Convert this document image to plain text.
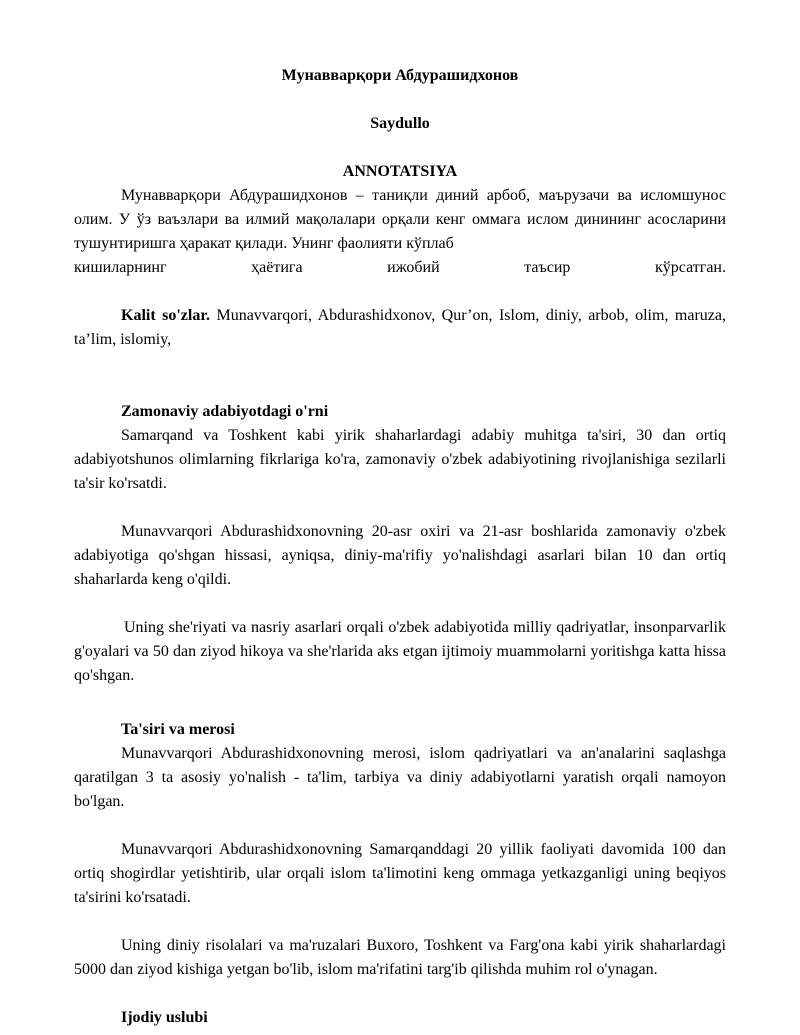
Мунавварқори Абдурашидхонов

Saydullo

ANNOTATSIYA

Мунавварқори Абдурашидхонов – таниқли диний арбоб, маърузачи ва исломшунос олим. У ўз ваъзлари ва илмий мақолалари орқали кенг оммага ислом динининг асосларини тушунтиришга ҳаракат қилади. Унинг фаолияти кўплаб

кишиларнинг ҳаётига ижобий таъсир кўрсатган.

Kalit so'zlar. Munavvarqori, Abdurashidxonov, Qur’on, Islom, diniy, arbob, olim, maruza, ta’lim, islomiy,

Zamonaviy adabiyotdagi o'rni

Samarqand va Toshkent kabi yirik shaharlardagi adabiy muhitga ta'siri, 30 dan ortiq adabiyotshunos olimlarning fikrlariga ko'ra, zamonaviy o'zbek adabiyotining rivojlanishiga sezilarli ta'sir ko'rsatdi.

Munavvarqori Abdurashidxonovning 20-asr oxiri va 21-asr boshlarida zamonaviy o'zbek adabiyotiga qo'shgan hissasi, ayniqsa, diniy-ma'rifiy yo'nalishdagi asarlari bilan 10 dan ortiq shaharlarda keng o'qildi.

Uning she'riyati va nasriy asarlari orqali o'zbek adabiyotida milliy qadriyatlar, insonparvarlik g'oyalari va 50 dan ziyod hikoya va she'rlarida aks etgan ijtimoiy muammolarni yoritishga katta hissa qo'shgan.

Ta'siri va merosi

Munavvarqori Abdurashidxonovning merosi, islom qadriyatlari va an'analarini saqlashga qaratilgan 3 ta asosiy yo'nalish - ta'lim, tarbiya va diniy adabiyotlarni yaratish orqali namoyon bo'lgan.

Munavvarqori Abdurashidxonovning Samarqanddagi 20 yillik faoliyati davomida 100 dan ortiq shogirdlar yetishtirib, ular orqali islom ta'limotini keng ommaga yetkazganligi uning beqiyos ta'sirini ko'rsatadi.

Uning diniy risolalari va ma'ruzalari Buxoro, Toshkent va Farg'ona kabi yirik shaharlardagi 5000 dan ziyod kishiga yetgan bo'lib, islom ma'rifatini targ'ib qilishda muhim rol o'ynagan.

Ijodiy uslubi
